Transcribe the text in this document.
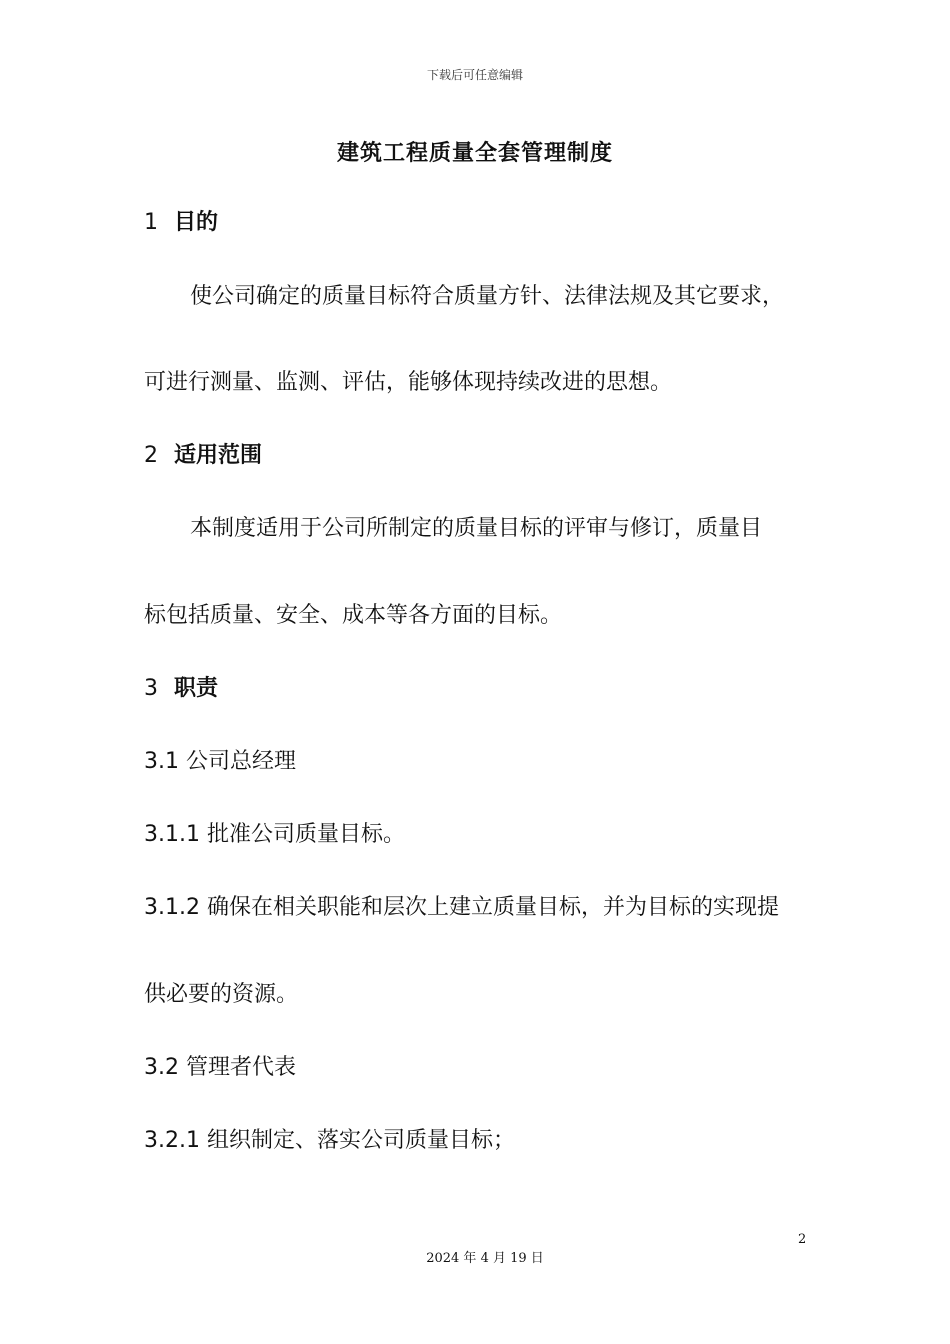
下载后可任意编辑
建筑工程质量全套管理制度
1 目的
使公司确定的质量目标符合质量方针、法律法规及其它要求，
可进行测量、监测、评估，能够体现持续改进的思想。
2 适用范围
本制度适用于公司所制定的质量目标的评审与修订，质量目
标包括质量、安全、成本等各方面的目标。
3 职责
3.1 公司总经理
3.1.1 批准公司质量目标。
3.1.2 确保在相关职能和层次上建立质量目标，并为目标的实现提
供必要的资源。
3.2 管理者代表
3.2.1 组织制定、落实公司质量目标；
2
2024 年 4 月 19 日
